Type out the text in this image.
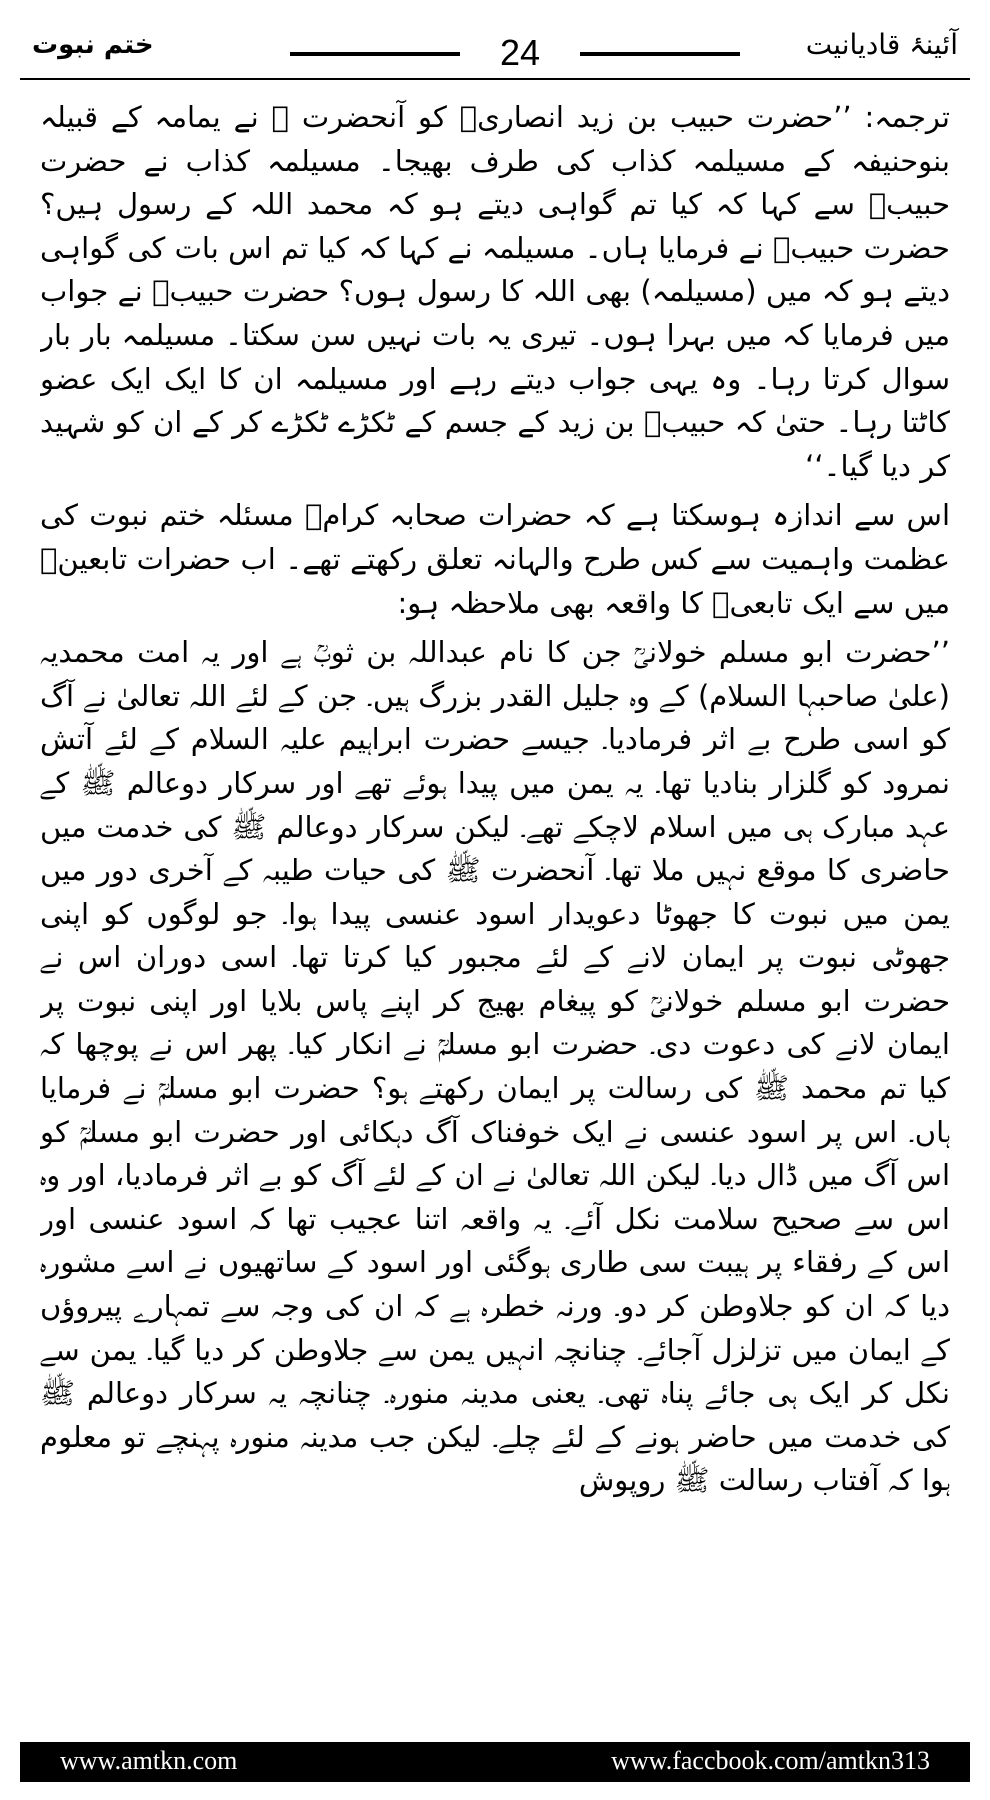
ختم نبوت	24	آئینۂ قادیانیت

ترجمہ: ’’حضرت حبیب بن زید انصاریؓ کو آنحضرت ﷺ نے یمامہ کے قبیلہ بنوحنیفہ کے مسیلمہ کذاب کی طرف بھیجا۔ مسیلمہ کذاب نے حضرت حبیبؓ سے کہا کہ کیا تم گواہی دیتے ہو کہ محمد اللہ کے رسول ہیں؟ حضرت حبیبؓ نے فرمایا ہاں۔ مسیلمہ نے کہا کہ کیا تم اس بات کی گواہی دیتے ہو کہ میں (مسیلمہ) بھی اللہ کا رسول ہوں؟ حضرت حبیبؓ نے جواب میں فرمایا کہ میں بہرا ہوں۔ تیری یہ بات نہیں سن سکتا۔ مسیلمہ بار بار سوال کرتا رہا۔ وہ یہی جواب دیتے رہے اور مسیلمہ ان کا ایک ایک عضو کاٹتا رہا۔ حتیٰ کہ حبیبؓ بن زید کے جسم کے ٹکڑے ٹکڑے کر کے ان کو شہید کر دیا گیا۔‘‘

اس سے اندازہ ہوسکتا ہے کہ حضرات صحابہ کرامؓ مسئلہ ختم نبوت کی عظمت واہمیت سے کس طرح والہانہ تعلق رکھتے تھے۔ اب حضرات تابعینؒ میں سے ایک تابعیؒ کا واقعہ بھی ملاحظہ ہو:

’’حضرت ابو مسلم خولانیؒ جن کا نام عبداللہ بن ثوبؒ ہے اور یہ امت محمدیہ (علیٰ صاحبہا السلام) کے وہ جلیل القدر بزرگ ہیں۔ جن کے لئے اللہ تعالیٰ نے آگ کو اسی طرح بے اثر فرمادیا۔ جیسے حضرت ابراہیم علیہ السلام کے لئے آتش نمرود کو گلزار بنادیا تھا۔ یہ یمن میں پیدا ہوئے تھے اور سرکار دوعالم ﷺ کے عہد مبارک ہی میں اسلام لاچکے تھے۔ لیکن سرکار دوعالم ﷺ کی خدمت میں حاضری کا موقع نہیں ملا تھا۔ آنحضرت ﷺ کی حیات طیبہ کے آخری دور میں یمن میں نبوت کا جھوٹا دعویدار اسود عنسی پیدا ہوا۔ جو لوگوں کو اپنی جھوٹی نبوت پر ایمان لانے کے لئے مجبور کیا کرتا تھا۔ اسی دوران اس نے حضرت ابو مسلم خولانیؒ کو پیغام بھیج کر اپنے پاس بلایا اور اپنی نبوت پر ایمان لانے کی دعوت دی۔ حضرت ابو مسلمؒ نے انکار کیا۔ پھر اس نے پوچھا کہ کیا تم محمد ﷺ کی رسالت پر ایمان رکھتے ہو؟ حضرت ابو مسلمؒ نے فرمایا ہاں۔ اس پر اسود عنسی نے ایک خوفناک آگ دہکائی اور حضرت ابو مسلمؒ کو اس آگ میں ڈال دیا۔ لیکن اللہ تعالیٰ نے ان کے لئے آگ کو بے اثر فرمادیا، اور وہ اس سے صحیح سلامت نکل آئے۔ یہ واقعہ اتنا عجیب تھا کہ اسود عنسی اور اس کے رفقاء پر ہیبت سی طاری ہوگئی اور اسود کے ساتھیوں نے اسے مشورہ دیا کہ ان کو جلاوطن کر دو۔ ورنہ خطرہ ہے کہ ان کی وجہ سے تمہارے پیروؤں کے ایمان میں تزلزل آجائے۔ چنانچہ انہیں یمن سے جلاوطن کر دیا گیا۔ یمن سے نکل کر ایک ہی جائے پناہ تھی۔ یعنی مدینہ منورہ۔ چنانچہ یہ سرکار دوعالم ﷺ کی خدمت میں حاضر ہونے کے لئے چلے۔ لیکن جب مدینہ منورہ پہنچے تو معلوم ہوا کہ آفتاب رسالت ﷺ روپوش

www.amtkn.com	www.faccbook.com/amtkn313
